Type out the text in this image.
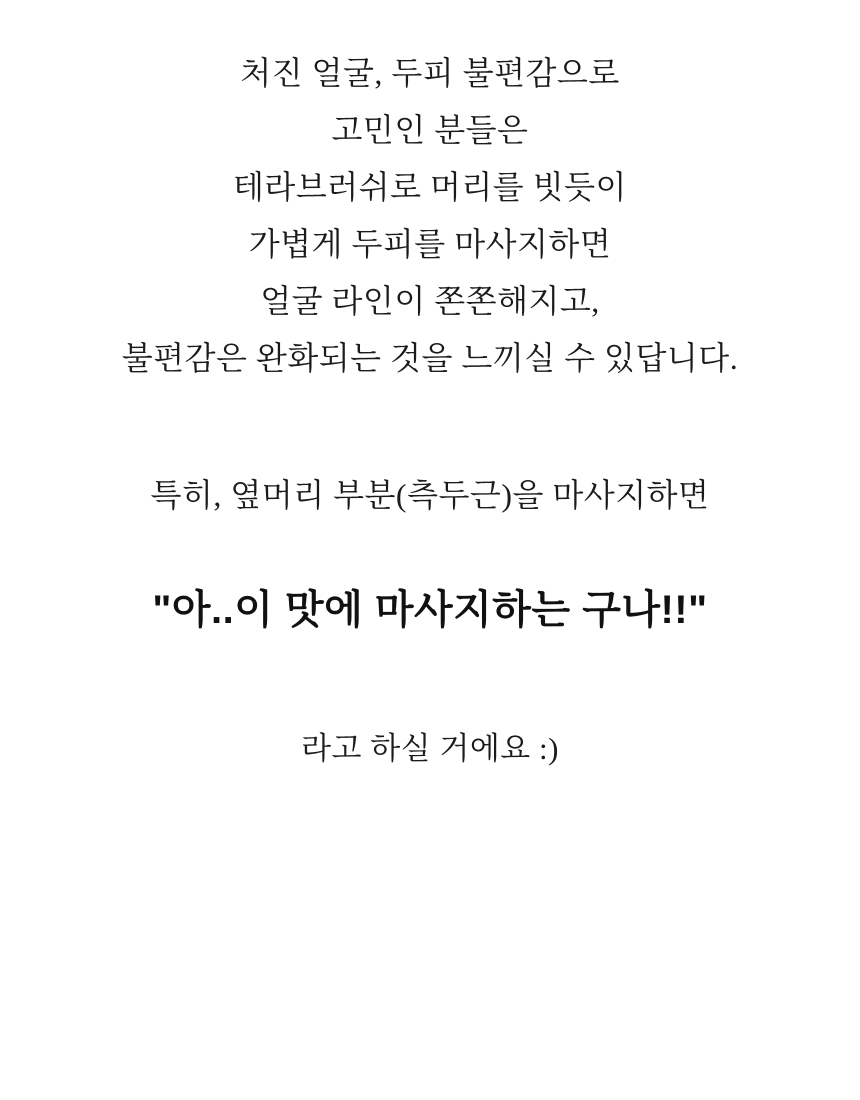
처진 얼굴, 두피 불편감으로
고민인 분들은
테라브러쉬로 머리를 빗듯이
가볍게 두피를 마사지하면
얼굴 라인이 쫀쫀해지고,
불편감은 완화되는 것을 느끼실 수 있답니다.
특히, 옆머리 부분(측두근)을 마사지하면
"아..이 맛에 마사지하는 구나!!"
라고 하실 거에요 :)
